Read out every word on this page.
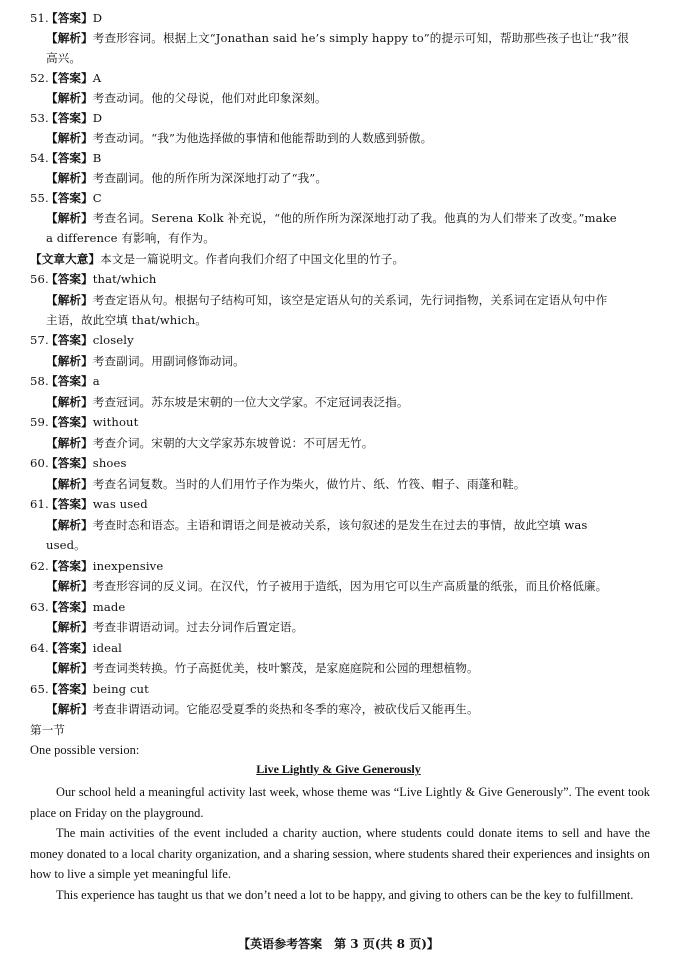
51.
【答案】D
【解析】考查形容词。根据上文“Jonathan said he’s simply happy to”的提示可知，帮助那些孩子也让“我”很
高兴。
52.
【答案】A
【解析】考查动词。他的父母说，他们对此印象深刻。
53.
【答案】D
【解析】考查动词。“我”为他选择做的事情和他能帮助到的人数感到骄傲。
54.
【答案】B
【解析】考查副词。他的所作所为深深地打动了“我”。
55.
【答案】C
【解析】考查名词。Serena Kolk 补充说，“他的所作所为深深地打动了我。他真的为人们带来了改变。”make
a difference 有影响，有作为。
【文章大意】本文是一篇说明文。作者向我们介绍了中国文化里的竹子。
56.
【答案】that/which
【解析】考查定语从句。根据句子结构可知，该空是定语从句的关系词，先行词指物，关系词在定语从句中作
主语，故此空填 that/which。
57.
【答案】closely
【解析】考查副词。用副词修饰动词。
58.
【答案】a
【解析】考查冠词。苏东坡是宋朝的一位大文学家。不定冠词表泛指。
59.
【答案】without
【解析】考查介词。宋朝的大文学家苏东坡曾说：不可居无竹。
60.
【答案】shoes
【解析】考查名词复数。当时的人们用竹子作为柴火，做竹片、纸、竹筏、帽子、雨蓬和鞋。
61.
【答案】was used
【解析】考查时态和语态。主语和谓语之间是被动关系，该句叙述的是发生在过去的事情，故此空填 was
used。
62.
【答案】inexpensive
【解析】考查形容词的反义词。在汉代，竹子被用于造纸，因为用它可以生产高质量的纸张，而且价格低廉。
63.
【答案】made
【解析】考查非谓语动词。过去分词作后置定语。
64.
【答案】ideal
【解析】考查词类转换。竹子高挺优美，枝叶繁茂，是家庭庭院和公园的理想植物。
65.
【答案】being cut
【解析】考查非谓语动词。它能忍受夏季的炎热和冬季的寒冷，被砍伐后又能再生。
第一节
One possible version:
Live Lightly & Give Generously

Our school held a meaningful activity last week, whose theme was “Live Lightly & Give Generously”. The event took place on Friday on the playground.

The main activities of the event included a charity auction, where students could donate items to sell and have the money donated to a local charity organization, and a sharing session, where students shared their experiences and insights on how to live a simple yet meaningful life.

This experience has taught us that we don’t need a lot to be happy, and giving to others can be the key to fulfillment.

【英语参考答案　第 3 页(共 8 页)】
